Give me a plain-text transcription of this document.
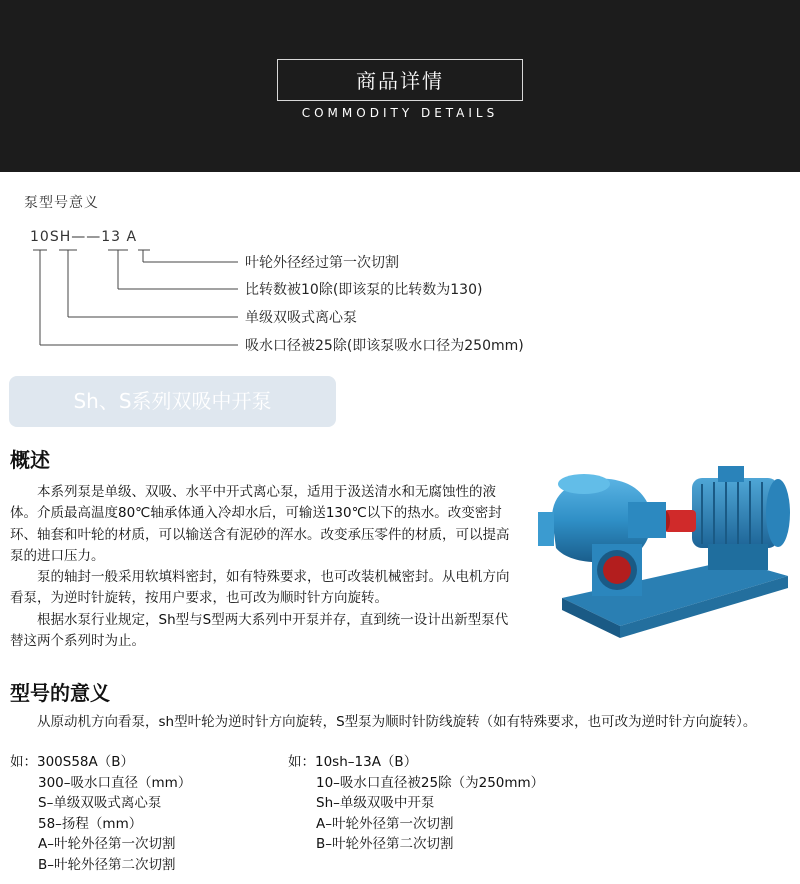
商品详情
COMMODITY DETAILS
泵型号意义
10SH——13 A
叶轮外径经过第一次切割
比转数被10除(即该泵的比转数为130)
单级双吸式离心泵
吸水口径被25除(即该泵吸水口径为250mm)
Sh、S系列双吸中开泵
概述

本系列泵是单级、双吸、水平中开式离心泵，适用于汲送清水和无腐蚀性的液体。介质最高温度80℃轴承体通入冷却水后，可输送130℃以下的热水。改变密封环、轴套和叶轮的材质，可以输送含有泥砂的浑水。改变承压零件的材质，可以提高泵的进口压力。

泵的轴封一般采用软填料密封，如有特殊要求，也可改装机械密封。从电机方向看泵，为逆时针旋转，按用户要求，也可改为顺时针方向旋转。

根据水泵行业规定，Sh型与S型两大系列中开泵并存，直到统一设计出新型泵代替这两个系列时为止。

型号的意义

从原动机方向看泵，sh型叶轮为逆时针方向旋转，S型泵为顺时针防线旋转（如有特殊要求，也可改为逆时针方向旋转）。

如：300S58A（B）
300–吸水口直径（mm）
S–单级双吸式离心泵
58–扬程（mm）
A–叶轮外径第一次切割
B–叶轮外径第二次切割
如：10sh–13A（B）
10–吸水口直径被25除（为250mm）
Sh–单级双吸中开泵
A–叶轮外径第一次切割
B–叶轮外径第二次切割
